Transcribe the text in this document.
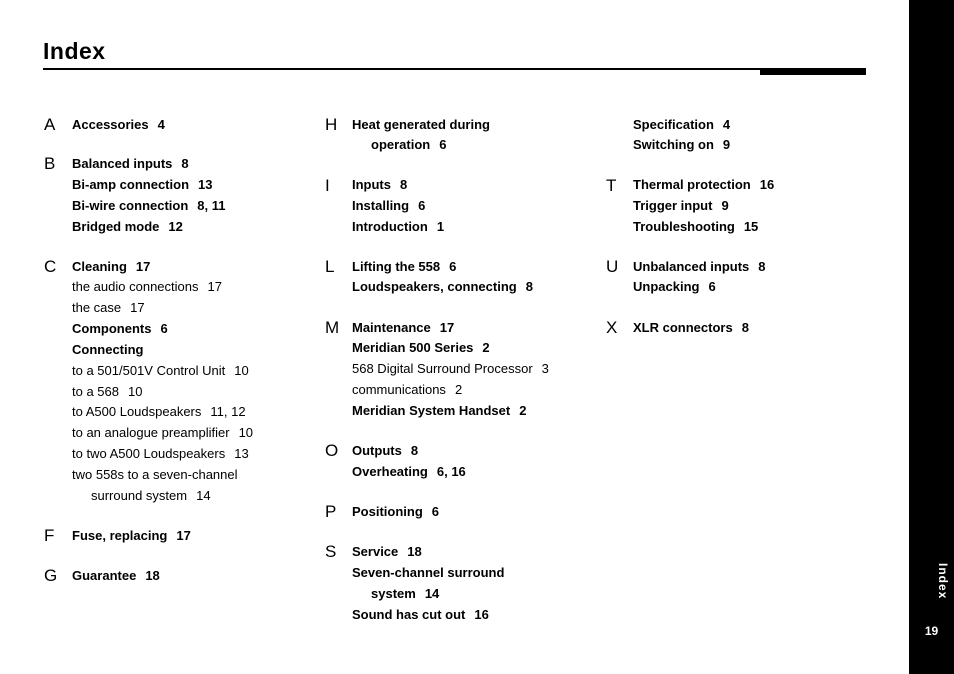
Index
Index
19
A
B
C
F
G
Accessories 4
Balanced inputs 8
Bi-amp connection 13
Bi-wire connection 8, 11
Bridged mode 12
Cleaning 17
the audio connections 17
the case 17
Components 6
Connecting
to a 501/501V Control Unit 10
to a 568 10
to A500 Loudspeakers 11, 12
to an analogue preamplifier 10
to two A500 Loudspeakers 13
two 558s to a seven-channel
surround system 14
Fuse, replacing 17
Guarantee 18
H
I
L
M
O
P
S
Heat generated during
operation 6
Inputs 8
Installing 6
Introduction 1
Lifting the 558 6
Loudspeakers, connecting 8
Maintenance 17
Meridian 500 Series 2
568 Digital Surround Processor 3
communications 2
Meridian System Handset 2
Outputs 8
Overheating 6, 16
Positioning 6
Service 18
Seven-channel surround
system 14
Sound has cut out 16
T
U
X
Specification 4
Switching on 9
Thermal protection 16
Trigger input 9
Troubleshooting 15
Unbalanced inputs 8
Unpacking 6
XLR connectors 8
